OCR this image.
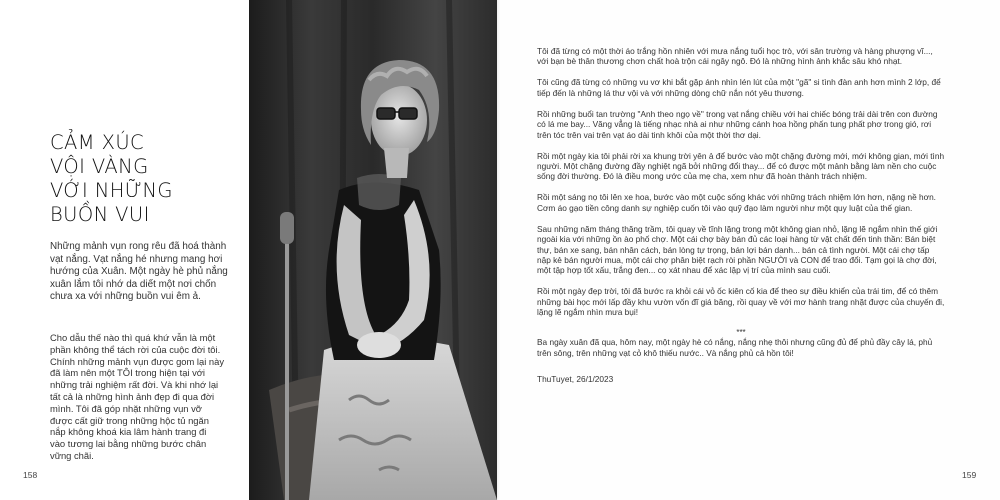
CẢM XÚC
VỘI VÀNG
VỚI NHỮNG
BUỒN VUI

Những mảnh vụn rong rêu đã hoá thành
vạt nắng. Vạt nắng hé nhưng mang hơi
hướng của Xuân. Một ngày hè phủ nắng
xuân lắm tôi nhớ da diết một nơi chốn
chưa xa với những buồn vui êm ả.

Cho dẫu thế nào thì quá khứ vẫn là một
phần không thể tách rời của cuộc đời tôi.
Chính những mảnh vụn được gom lại này
đã làm nên một TÔI trong hiện tại với
những trải nghiệm rất đời. Và khi nhớ lại
tất cả là những hình ảnh đẹp đi qua đời
mình. Tôi đã góp nhặt những vụn vỡ
được cất giữ trong những hộc tủ ngăn
nắp không khoá kia lâm hành trang đi
vào tương lai bằng những bước chân
vững chãi.

158	159

Tôi đã từng có một thời áo trắng hồn nhiên với mưa nắng tuổi học trò, với sân trường và hàng phượng vĩ..., với bạn bè thân thương chơn chất hoà trộn cái ngây ngô. Đó là những hình ảnh khắc sâu khó nhạt.

Tôi cũng đã từng có những vu vơ khi bắt gặp ánh nhìn lén lút của một "gã" si tình đàn anh hơn mình 2 lớp, để tiếp đến là những lá thư vội và với những dòng chữ nắn nót yêu thương.

Rồi những buổi tan trường "Anh theo ngọ về" trong vạt nắng chiều với hai chiếc bóng trải dài trên con đường có lá me bay... Văng vẳng là tiếng nhạc nhà ai như những cánh hoa hồng phấn tung phất phơ trong gió, rơi trên tóc trên vai trên vạt áo dài tinh khôi của một thời thơ dại.

Rồi một ngày kia tôi phải rời xa khung trời yên ả để bước vào một chặng đường mới, mới không gian, mới tình người. Một chặng đường đầy nghiệt ngã bởi những đổi thay... để có được một mảnh bằng làm nền cho cuộc sống đời thường. Đó là điều mong ước của mẹ cha, xem như đã hoàn thành trách nhiệm.

Rồi một sáng nọ tôi lên xe hoa, bước vào một cuộc sống khác với những trách nhiệm lớn hơn, nặng nề hơn. Cơm áo gạo tiền công danh sự nghiệp cuốn tôi vào quỹ đạo làm người như một quy luật của thế gian.

Sau những năm tháng thăng trầm, tôi quay về tĩnh lặng trong một không gian nhỏ, lặng lẽ ngắm nhìn thế giới ngoài kia với những ồn ào phố chợ. Một cái chợ bày bán đủ các loại hàng từ vật chất đến tinh thần: Bán biệt thự, bán xe sang, bán nhân cách, bán lòng tự trọng, bán lợi bán danh... bán cả tình người. Một cái chợ tấp nập kẻ bán người mua, một cái chợ phân biệt rạch ròi phần NGƯỜI và CON để trao đổi. Tạm gọi là chợ đời, một tập hợp tốt xấu, trắng đen... cọ xát nhau để xác lập vị trí của mình sau cuối.

Rồi một ngày đẹp trời, tôi đã bước ra khỏi cái vỏ ốc kiên cố kia để theo sự điều khiển của trái tim, để có thêm những bài học mới lấp đầy khu vườn vốn đĩ giá băng, rồi quay về với mơ hành trang nhặt được của chuyến đi, lặng lẽ ngắm nhìn mưa bụi!

***

Ba ngày xuân đã qua, hôm nay, một ngày hè có nắng, nắng nhẹ thôi nhưng cũng đủ để phủ đầy cây lá, phủ trên sông, trên những vạt cỏ khô thiếu nước.. Và nắng phủ cả hồn tôi!

ThuTuyet, 26/1/2023
